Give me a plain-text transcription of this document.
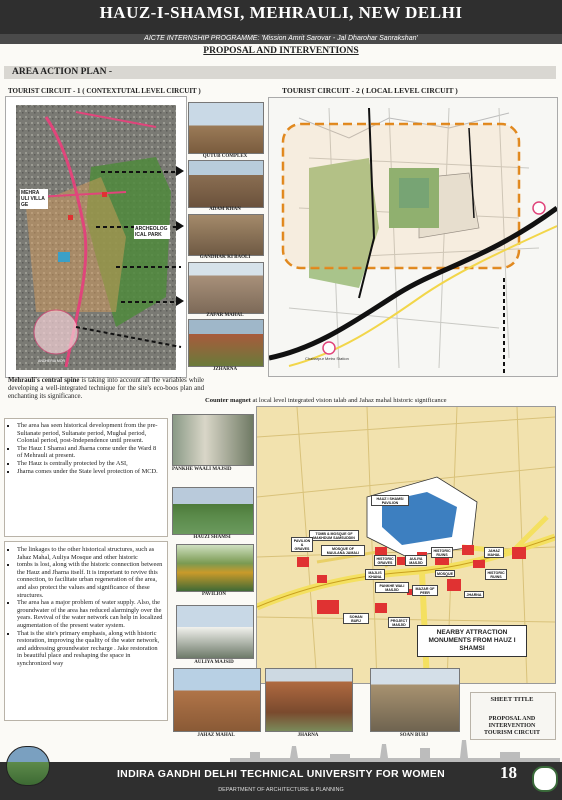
HAUZ-I-SHAMSI, MEHRAULI, NEW DELHI
AICTE INTERNSHIP PROGRAMME: 'Mission Amrit Sarovar - Jal Dharohar Sanrakshan'
PROPOSAL AND INTERVENTIONS
AREA ACTION PLAN -
TOURIST CIRCUIT - 1 ( CONTEXTUTAL LEVEL CIRCUIT )	TOURIST CIRCUIT - 2 ( LOCAL LEVEL CIRCUIT )
MEHRA ULI VILLA GE
ARCHEOLOG ICAL PARK
ANDHERIA MOR
QUTUB COMPLEX
ADAM KHAN
GANDHAK KI BAOLI
ZAFAR MAHAL
JZHARNA
Chattarpur Metro Station
Mehrauli's central spine is taking into account all the variables while developing a well-integrated technique for the site's eco-boos plan and enchanting its significance.
Counter magnet at local level integrated vision talab and Jahaz mahal historic significance
▪ The area has seen historical development from the pre- Sultanate period, Sultanate period, Mughal period, Colonial period, post-Independence until present.
▪ The Hauz I Shamsi and Jharna come under the Ward 8 of Mehrauli at present.
▪ The Hauz is centrally protected by the ASI,
▪ Jharna comes under the State level protection of MCD.
▪ The linkages to the other historical structures, such as Jahaz Mahal, Auliya Mosque and other historic
▪ tombs is lost, along with the historic connection between the Hauz and Jharna itself. It is important to revive this connection, to facilitate urban regeneration of the area, and also protect the values and significance of these structures.
▪ The area has a major problem of water supply. Also, the groundwater of the area has reduced alarmingly over the years. Revival of the water network can help in localized augmentation of the present water system.
▪ That is the site's primary emphasis, along with historic restoration, improving the quality of the water network, and addressing groundwater recharge . Jake restoration in beautiful place and reshaping the space in synchronized way
PANKHE WAALI MAJSID
HAUZI SHAMSI
PAVILION
AULIYA MAJSID
HAUZ I SHAMSI PAVILION
TOMB & MOSQUE OF MAKHDUM SAMSUDDIN
MOSQUE OF MAULANA JAMALI
PAVILION & GRAVES
HISTORIC GRAVES
AULIYA MASJID
HISTORIC RUINS
JAHAZ MAHAL
MAJLIS KHANA
PANKHE WALI MASJID	MAZAR OF PEER
MOSQUE	HISTORIC RUINS
JHARNA
SOHAN BURJ	PROJECT MASJID
NEARBY ATTRACTION MONUMENTS FROM HAUZ I SHAMSI
JAHAZ MAHAL	JHARNA	SOAN BURJ
SHEET TITLE
PROPOSAL AND INTERVENTION TOURISM CIRCUIT
INDIRA GANDHI DELHI TECHNICAL UNIVERSITY FOR WOMEN
DEPARTMENT OF ARCHITECTURE & PLANNING
18
